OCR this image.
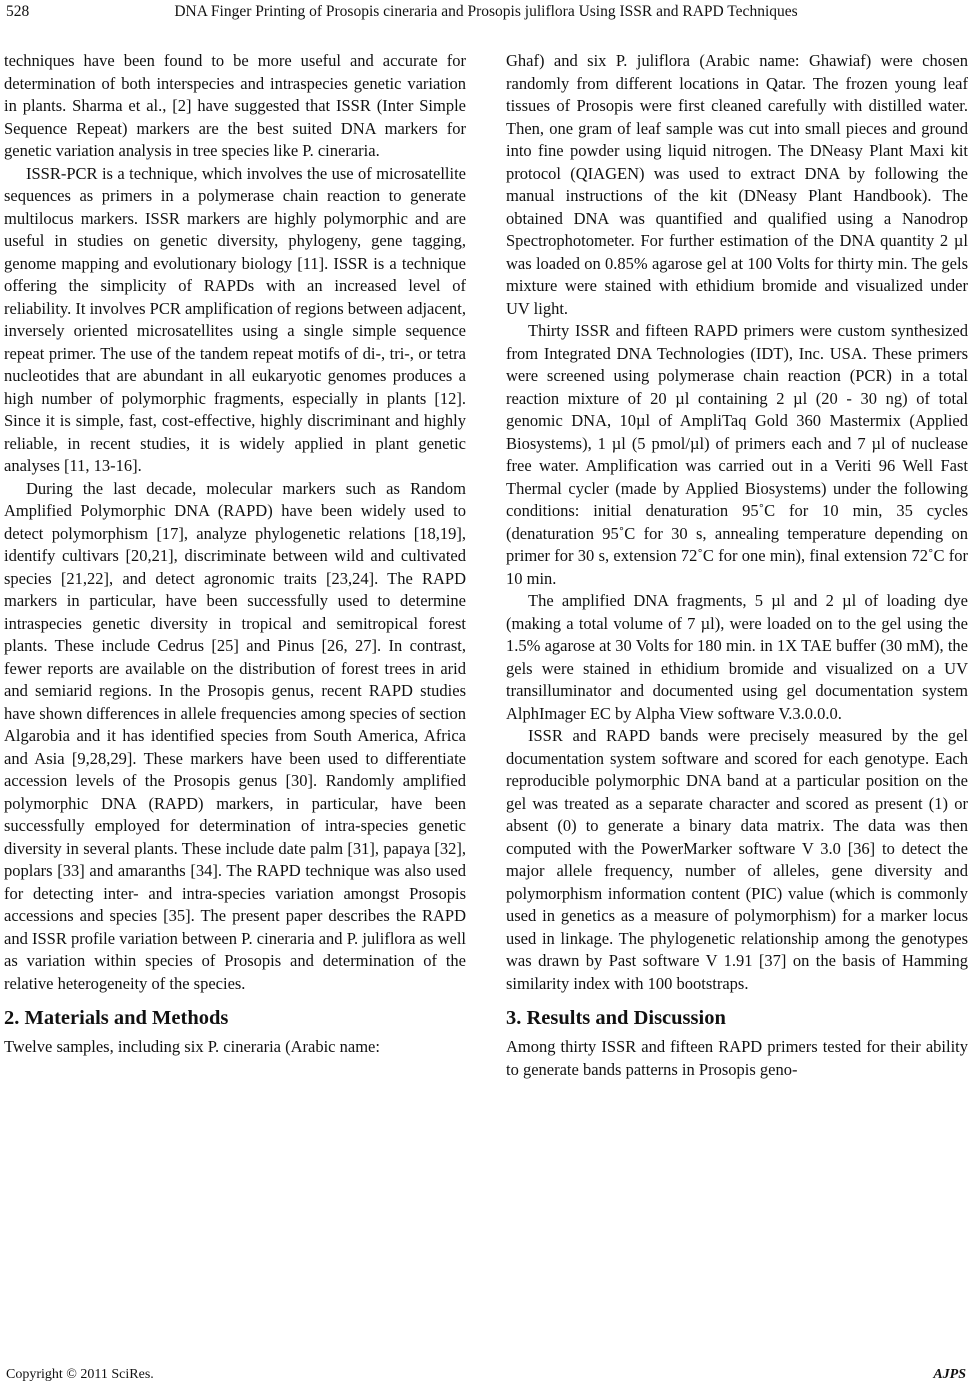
528	DNA Finger Printing of Prosopis cineraria and Prosopis juliflora Using ISSR and RAPD Techniques

techniques have been found to be more useful and accurate for determination of both interspecies and intraspecies genetic variation in plants. Sharma et al., [2] have suggested that ISSR (Inter Simple Sequence Repeat) markers are the best suited DNA markers for genetic variation analysis in tree species like P. cineraria.

ISSR-PCR is a technique, which involves the use of microsatellite sequences as primers in a polymerase chain reaction to generate multilocus markers. ISSR markers are highly polymorphic and are useful in studies on genetic diversity, phylogeny, gene tagging, genome mapping and evolutionary biology [11]. ISSR is a technique offering the simplicity of RAPDs with an increased level of reliability. It involves PCR amplification of regions between adjacent, inversely oriented microsatellites using a single simple sequence repeat primer. The use of the tandem repeat motifs of di-, tri-, or tetra nucleotides that are abundant in all eukaryotic genomes produces a high number of polymorphic fragments, especially in plants [12]. Since it is simple, fast, cost-effective, highly discriminant and highly reliable, in recent studies, it is widely applied in plant genetic analyses [11, 13-16].

During the last decade, molecular markers such as Random Amplified Polymorphic DNA (RAPD) have been widely used to detect polymorphism [17], analyze phylogenetic relations [18,19], identify cultivars [20,21], discriminate between wild and cultivated species [21,22], and detect agronomic traits [23,24]. The RAPD markers in particular, have been successfully used to determine intraspecies genetic diversity in tropical and semitropical forest plants. These include Cedrus [25] and Pinus [26, 27]. In contrast, fewer reports are available on the distribution of forest trees in arid and semiarid regions. In the Prosopis genus, recent RAPD studies have shown differences in allele frequencies among species of section Algarobia and it has identified species from South America, Africa and Asia [9,28,29]. These markers have been used to differentiate accession levels of the Prosopis genus [30]. Randomly amplified polymorphic DNA (RAPD) markers, in particular, have been successfully employed for determination of intra-species genetic diversity in several plants. These include date palm [31], papaya [32], poplars [33] and amaranths [34]. The RAPD technique was also used for detecting inter- and intra-species variation amongst Prosopis accessions and species [35]. The present paper describes the RAPD and ISSR profile variation between P. cineraria and P. juliflora as well as variation within species of Prosopis and determination of the relative heterogeneity of the species.

2. Materials and Methods

Twelve samples, including six P. cineraria (Arabic name:

Ghaf) and six P. juliflora (Arabic name: Ghawiaf) were chosen randomly from different locations in Qatar. The frozen young leaf tissues of Prosopis were first cleaned carefully with distilled water. Then, one gram of leaf sample was cut into small pieces and ground into fine powder using liquid nitrogen. The DNeasy Plant Maxi kit protocol (QIAGEN) was used to extract DNA by following the manual instructions of the kit (DNeasy Plant Handbook). The obtained DNA was quantified and qualified using a Nanodrop Spectrophotometer. For further estimation of the DNA quantity 2 µl was loaded on 0.85% agarose gel at 100 Volts for thirty min. The gels mixture were stained with ethidium bromide and visualized under UV light.

Thirty ISSR and fifteen RAPD primers were custom synthesized from Integrated DNA Technologies (IDT), Inc. USA. These primers were screened using polymerase chain reaction (PCR) in a total reaction mixture of 20 µl containing 2 µl (20 - 30 ng) of total genomic DNA, 10µl of AmpliTaq Gold 360 Mastermix (Applied Biosystems), 1 µl (5 pmol/µl) of primers each and 7 µl of nuclease free water. Amplification was carried out in a Veriti 96 Well Fast Thermal cycler (made by Applied Biosystems) under the following conditions: initial denaturation 95˚C for 10 min, 35 cycles (denaturation 95˚C for 30 s, annealing temperature depending on primer for 30 s, extension 72˚C for one min), final extension 72˚C for 10 min.

The amplified DNA fragments, 5 µl and 2 µl of loading dye (making a total volume of 7 µl), were loaded on to the gel using the 1.5% agarose at 30 Volts for 180 min. in 1X TAE buffer (30 mM), the gels were stained in ethidium bromide and visualized on a UV transilluminator and documented using gel documentation system AlphImager EC by Alpha View software V.3.0.0.0.

ISSR and RAPD bands were precisely measured by the gel documentation system software and scored for each genotype. Each reproducible polymorphic DNA band at a particular position on the gel was treated as a separate character and scored as present (1) or absent (0) to generate a binary data matrix. The data was then computed with the PowerMarker software V 3.0 [36] to detect the major allele frequency, number of alleles, gene diversity and polymorphism information content (PIC) value (which is commonly used in genetics as a measure of polymorphism) for a marker locus used in linkage. The phylogenetic relationship among the genotypes was drawn by Past software V 1.91 [37] on the basis of Hamming similarity index with 100 bootstraps.

3. Results and Discussion

Among thirty ISSR and fifteen RAPD primers tested for their ability to generate bands patterns in Prosopis geno-

Copyright © 2011 SciRes.	AJPS
